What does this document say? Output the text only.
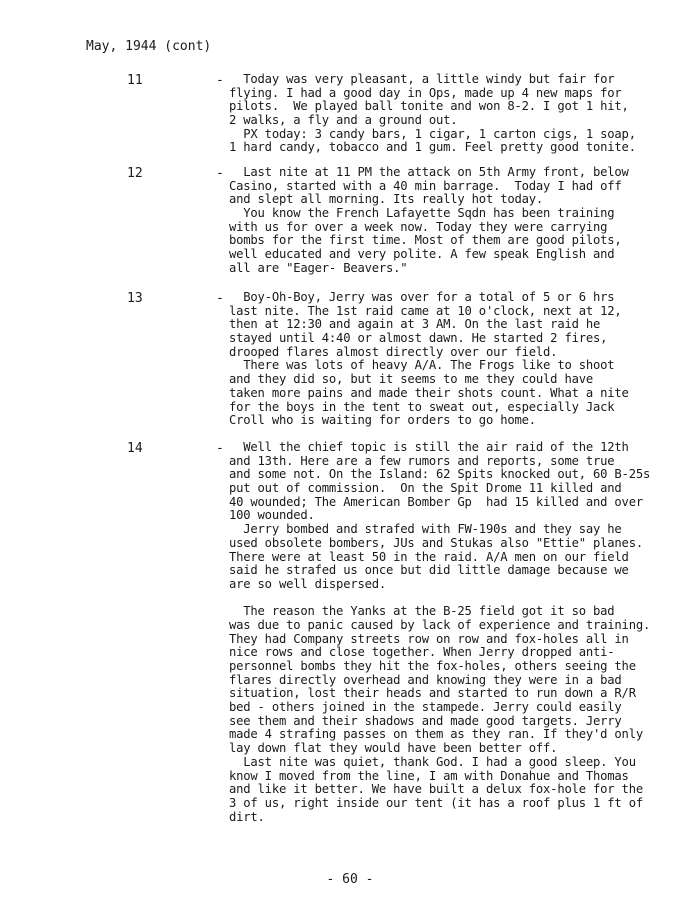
May, 1944 (cont)
11	- Today was very pleasant, a little windy but fair for
flying. I had a good day in Ops, made up 4 new maps for
pilots.  We played ball tonite and won 8-2. I got 1 hit,
2 walks, a fly and a ground out.
PX today: 3 candy bars, 1 cigar, 1 carton cigs, 1 soap,
1 hard candy, tobacco and 1 gum. Feel pretty good tonite.
12	- Last nite at 11 PM the attack on 5th Army front, below
Casino, started with a 40 min barrage.  Today I had off
and slept all morning. Its really hot today.
You know the French Lafayette Sqdn has been training
with us for over a week now. Today they were carrying
bombs for the first time. Most of them are good pilots,
well educated and very polite. A few speak English and
all are "Eager- Beavers."
13	- Boy-Oh-Boy, Jerry was over for a total of 5 or 6 hrs
last nite. The 1st raid came at 10 o'clock, next at 12,
then at 12:30 and again at 3 AM. On the last raid he
stayed until 4:40 or almost dawn. He started 2 fires,
drooped flares almost directly over our field.
There was lots of heavy A/A. The Frogs like to shoot
and they did so, but it seems to me they could have
taken more pains and made their shots count. What a nite
for the boys in the tent to sweat out, especially Jack
Croll who is waiting for orders to go home.
14	- Well the chief topic is still the air raid of the 12th
and 13th. Here are a few rumors and reports, some true
and some not. On the Island: 62 Spits knocked out, 60 B-25s
put out of commission.  On the Spit Drome 11 killed and
40 wounded; The American Bomber Gp  had 15 killed and over
100 wounded.
Jerry bombed and strafed with FW-190s and they say he
used obsolete bombers, JUs and Stukas also "Ettie" planes.
There were at least 50 in the raid. A/A men on our field
said he strafed us once but did little damage because we
are so well dispersed.
The reason the Yanks at the B-25 field got it so bad
was due to panic caused by lack of experience and training.
They had Company streets row on row and fox-holes all in
nice rows and close together. When Jerry dropped anti-
personnel bombs they hit the fox-holes, others seeing the
flares directly overhead and knowing they were in a bad
situation, lost their heads and started to run down a R/R
bed - others joined in the stampede. Jerry could easily
see them and their shadows and made good targets. Jerry
made 4 strafing passes on them as they ran. If they'd only
lay down flat they would have been better off.
Last nite was quiet, thank God. I had a good sleep. You
know I moved from the line, I am with Donahue and Thomas
and like it better. We have built a delux fox-hole for the
3 of us, right inside our tent (it has a roof plus 1 ft of
dirt.
- 60 -
